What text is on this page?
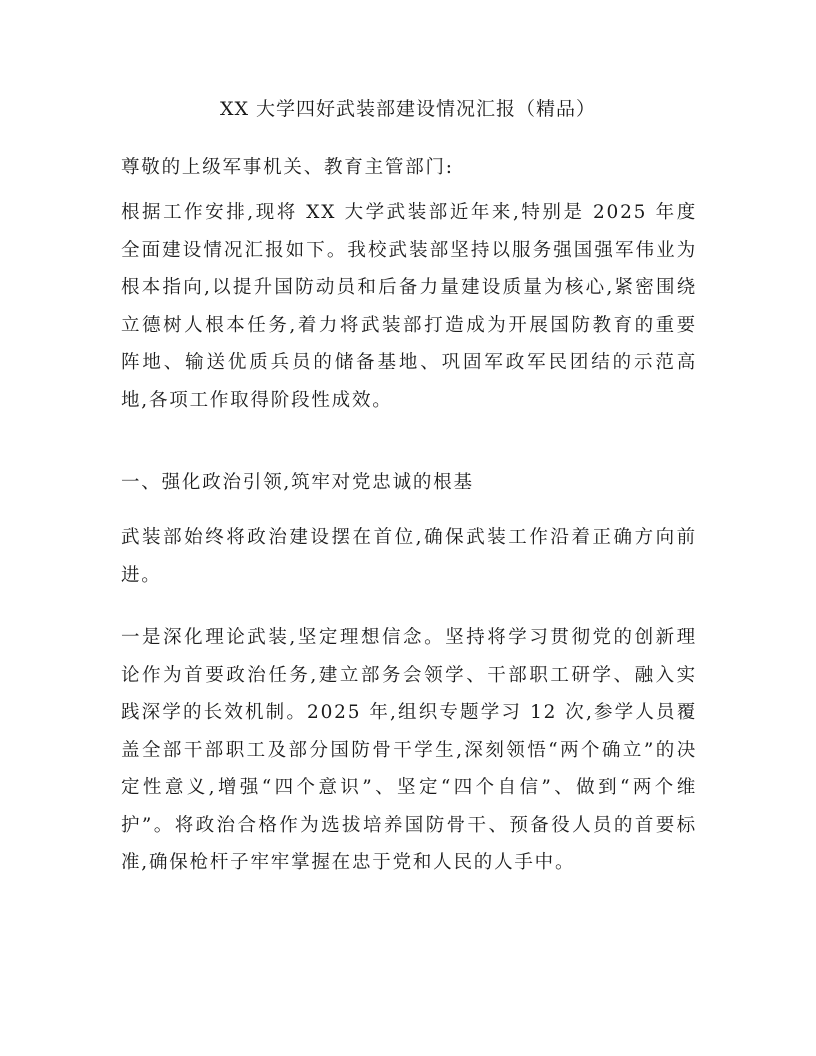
XX 大学四好武装部建设情况汇报（精品）

尊敬的上级军事机关、教育主管部门:

根据工作安排,现将 XX 大学武装部近年来,特别是 2025 年度全面建设情况汇报如下。我校武装部坚持以服务强国强军伟业为根本指向,以提升国防动员和后备力量建设质量为核心,紧密围绕立德树人根本任务,着力将武装部打造成为开展国防教育的重要阵地、输送优质兵员的储备基地、巩固军政军民团结的示范高地,各项工作取得阶段性成效。

一、强化政治引领,筑牢对党忠诚的根基

武装部始终将政治建设摆在首位,确保武装工作沿着正确方向前进。

一是深化理论武装,坚定理想信念。坚持将学习贯彻党的创新理论作为首要政治任务,建立部务会领学、干部职工研学、融入实践深学的长效机制。2025 年,组织专题学习 12 次,参学人员覆盖全部干部职工及部分国防骨干学生,深刻领悟“两个确立”的决定性意义,增强“四个意识”、坚定“四个自信”、做到“两个维护”。将政治合格作为选拔培养国防骨干、预备役人员的首要标准,确保枪杆子牢牢掌握在忠于党和人民的人手中。
